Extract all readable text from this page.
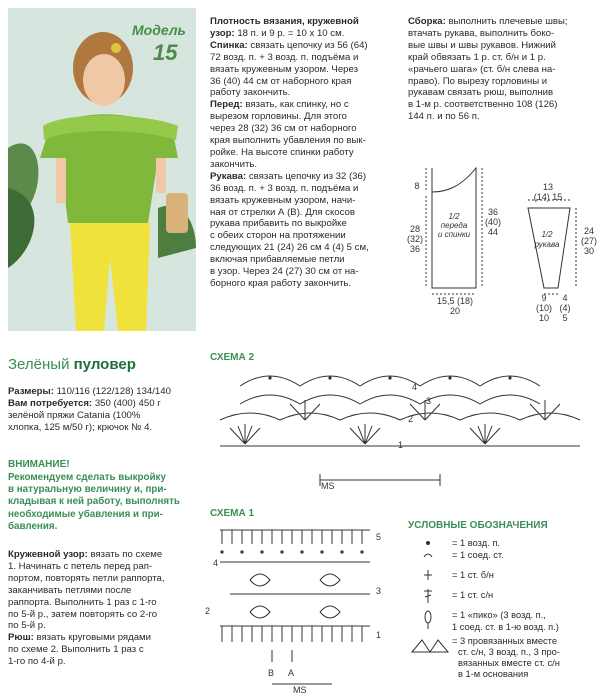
Модель
15
Зелёный пуловер

Размеры: 110/116 (122/128) 134/140

Вам потребуется: 350 (400) 450 г

зелёной пряжи Catania (100%

хлопка, 125 м/50 г); крючок № 4.

ВНИМАНИЕ!

Рекомендуем сделать выкройку

в натуральную величину и, при-

кладывая к ней работу, выполнять

необходимые убавления и при-

бавления.

Кружевной узор: вязать по схеме

1. Начинать с петель перед рап-

портом, повторять петли раппорта,

заканчивать петлями после

раппорта. Выполнить 1 раз с 1-го

по 5-й р., затем повторять со 2-го

по 5-й р.

Рюш: вязать круговыми рядами

по схеме 2. Выполнить 1 раз с

1-го по 4-й р.

Плотность вязания, кружевной

узор: 18 п. и 9 р. = 10 х 10 см.

Спинка: связать цепочку из 56 (64)

72 возд. п. + 3 возд. п. подъёма и

вязать кружевным узором. Через

36 (40) 44 см от наборного края

работу закончить.

Перед: вязать, как спинку, но с

вырезом горловины. Для этого

через 28 (32) 36 см от наборного

края выполнить убавления по вык-

ройке. На высоте спинки работу

закончить.

Рукава: связать цепочку из 32 (36)

36 возд. п. + 3 возд. п. подъёма и

вязать кружевным узором, начи-

ная от стрелки А (В). Для скосов

рукава прибавить по выкройке

с обеих сторон на протяжении

следующих 21 (24) 26 см 4 (4) 5 см,

включая прибавляемые петли

в узор. Через 24 (27) 30 см от на-

борного края работу закончить.

Сборка: выполнить плечевые швы;

втачать рукава, выполнить боко-

вые швы и швы рукавов. Нижний

край обвязать 1 р. ст. б/н и 1 р.

«рачьего шага» (ст. б/н слева на-

право). По вырезу горловины и

рукавам связать рюш, выполнив

в 1-м р. соответственно 108 (126)

144 п. и по 56 п.

8
28
(32)
36
1/2
переда
и спинки
36
(40)
44
15,5 (18)
20
13
(14) 15
1/2 рукава
24
(27)
30
9
(10)
10
4
(4)
5
СХЕМА 2
MS
4
3
2
1
СХЕМА 1
5
4
3
2
1
B A
MS
УСЛОВНЫЕ ОБОЗНАЧЕНИЯ
= 1 возд. п.
= 1 соед. ст.
= 1 ст. б/н
= 1 ст. с/н
= 1 «пико» (3 возд. п.,
1 соед. ст. в 1-ю возд. п.)
= 3 провязанных вместе
ст. с/н, 3 возд. п., 3 про-
вязанных вместе ст. с/н
в 1-м основания
